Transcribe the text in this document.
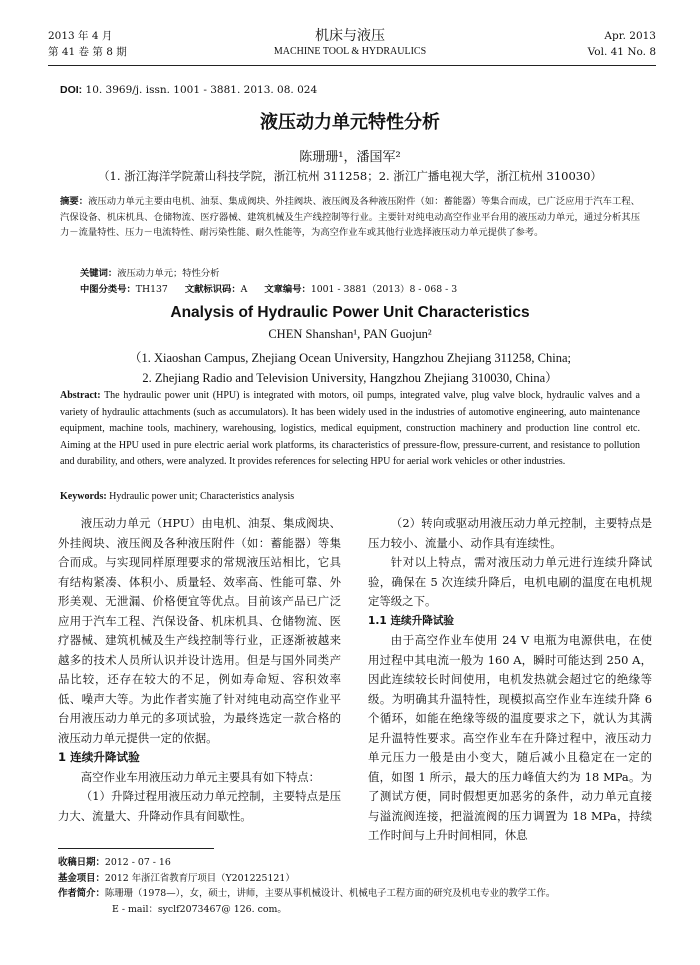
2013 年 4 月
第 41 卷 第 8 期
机床与液压
MACHINE TOOL & HYDRAULICS
Apr. 2013
Vol. 41 No. 8
DOI: 10. 3969/j. issn. 1001 - 3881. 2013. 08. 024
液压动力单元特性分析
陈珊珊¹，潘国军²
（1. 浙江海洋学院萧山科技学院，浙江杭州 311258；2. 浙江广播电视大学，浙江杭州 310030）
摘要：液压动力单元主要由电机、油泵、集成阀块、外挂阀块、液压阀及各种液压附件（如：蓄能器）等集合而成，已广泛应用于汽车工程、汽保设备、机床机具、仓储物流、医疗器械、建筑机械及生产线控制等行业。主要针对纯电动高空作业平台用的液压动力单元，通过分析其压力－流量特性、压力－电流特性、耐污染性能、耐久性能等，为高空作业车或其他行业选择液压动力单元提供了参考。
关键词：液压动力单元；特性分析
中图分类号：TH137 文献标识码：A 文章编号：1001 - 3881（2013）8 - 068 - 3
Analysis of Hydraulic Power Unit Characteristics
CHEN Shanshan¹, PAN Guojun²
（1. Xiaoshan Campus, Zhejiang Ocean University, Hangzhou Zhejiang 311258, China;
2. Zhejiang Radio and Television University, Hangzhou Zhejiang 310030, China）
Abstract: The hydraulic power unit (HPU) is integrated with motors, oil pumps, integrated valve, plug valve block, hydraulic valves and a variety of hydraulic attachments (such as accumulators). It has been widely used in the industries of automotive engineering, auto maintenance equipment, machine tools, machinery, warehousing, logistics, medical equipment, construction machinery and production line control etc. Aiming at the HPU used in pure electric aerial work platforms, its characteristics of pressure-flow, pressure-current, and resistance to pollution and durability, and others, were analyzed. It provides references for selecting HPU for aerial work vehicles or other industries.
Keywords: Hydraulic power unit; Characteristics analysis

液压动力单元（HPU）由电机、油泵、集成阀块、外挂阀块、液压阀及各种液压附件（如：蓄能器）等集合而成。与实现同样原理要求的常规液压站相比，它具有结构紧凑、体积小、质量轻、效率高、性能可靠、外形美观、无泄漏、价格便宜等优点。目前该产品已广泛应用于汽车工程、汽保设备、机床机具、仓储物流、医疗器械、建筑机械及生产线控制等行业，正逐渐被越来越多的技术人员所认识并设计选用。但是与国外同类产品比较，还存在较大的不足，例如寿命短、容积效率低、噪声大等。为此作者实施了针对纯电动高空作业平台用液压动力单元的多项试验，为最终选定一款合格的液压动力单元提供一定的依据。

1 连续升降试验

高空作业车用液压动力单元主要具有如下特点：

（1）升降过程用液压动力单元控制，主要特点是压力大、流量大、升降动作具有间歇性。

（2）转向或驱动用液压动力单元控制，主要特点是压力较小、流量小、动作具有连续性。

针对以上特点，需对液压动力单元进行连续升降试验，确保在 5 次连续升降后，电机电刷的温度在电机规定等级之下。

1.1 连续升降试验

由于高空作业车使用 24 V 电瓶为电源供电，在使用过程中其电流一般为 160 A，瞬时可能达到 250 A，因此连续较长时间使用，电机发热就会超过它的绝缘等级。为明确其升温特性，现模拟高空作业车连续升降 6 个循环，如能在绝缘等级的温度要求之下，就认为其满足升温特性要求。高空作业车在升降过程中，液压动力单元压力一般是由小变大，随后减小且稳定在一定的值，如图 1 所示，最大的压力峰值大约为 18 MPa。为了测试方便，同时假想更加恶劣的条件，动力单元直接与溢流阀连接，把溢流阀的压力调置为 18 MPa，持续工作时间与上升时间相同，休息

收稿日期：2012 - 07 - 16
基金项目：2012 年浙江省教育厅项目（Y201225121）
作者简介：陈珊珊（1978—），女，硕士，讲师，主要从事机械设计、机械电子工程方面的研究及机电专业的教学工作。
E - mail：syclf2073467@ 126. com。
